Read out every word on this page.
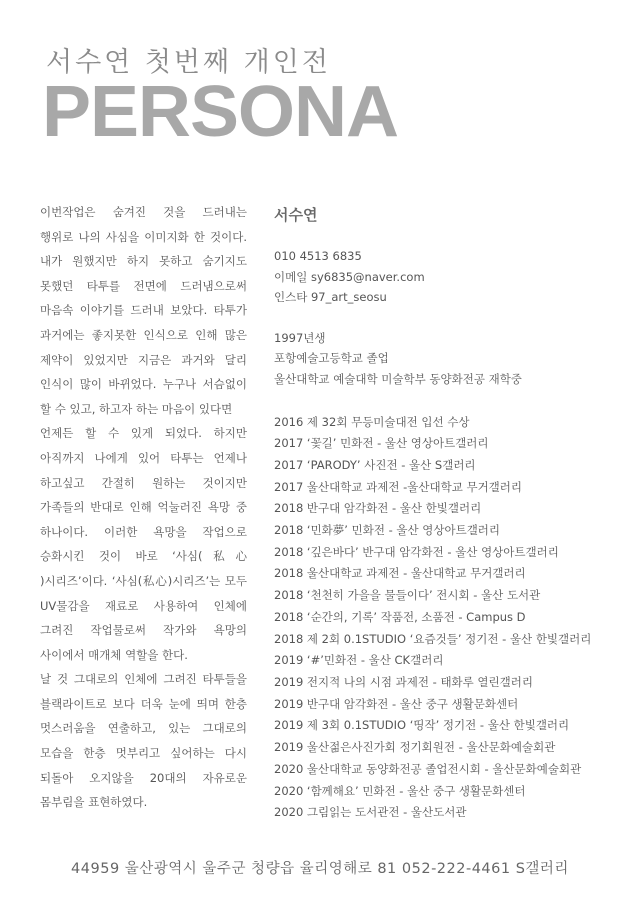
서수연 첫번째 개인전
PERSONA
이번작업은 숨겨진 것을 드러내는
행위로 나의 사심을 이미지화 한 것이다.
내가 원했지만 하지 못하고 숨기지도
못했던 타투를 전면에 드러냄으로써
마음속 이야기를 드러내 보았다. 타투가
과거에는 좋지못한 인식으로 인해 많은
제약이 있었지만 지금은 과거와 달리
인식이 많이 바뀌었다. 누구나 서슴없이
할 수 있고, 하고자 하는 마음이 있다면
언제든 할 수 있게 되었다. 하지만
아직까지 나에게 있어 타투는 언제나
하고싶고 간절히 원하는 것이지만
가족들의 반대로 인해 억눌러진 욕망 중
하나이다. 이러한 욕망을 작업으로
승화시킨 것이 바로 ‘사심(私心
)시리즈’이다. ‘사심(私心)시리즈’는 모두
UV물감을 재료로 사용하여 인체에
그려진 작업물로써 작가와 욕망의
사이에서 매개체 역할을 한다.
날 것 그대로의 인체에 그려진 타투들을
블랙라이트로 보다 더욱 눈에 띄며 한층
멋스러움을 연출하고, 있는 그대로의
모습을 한층 멋부리고 싶어하는 다시
되돌아 오지않을 20대의 자유로운
몸부림을 표현하였다.
서수연
010 4513 6835
이메일 sy6835@naver.com
인스타 97_art_seosu
1997년생
포항예술고등학교 졸업
울산대학교 예술대학 미술학부 동양화전공 재학중
2016 제 32회 무등미술대전 입선 수상
2017 ‘꽃길’ 민화전 - 울산 영상아트갤러리
2017 ‘PARODY’ 사진전 - 울산 S갤러리
2017 울산대학교 과제전 -울산대학교 무거갤러리
2018 반구대 암각화전 - 울산 한빛갤러리
2018 ‘민화夢’ 민화전 - 울산 영상아트갤러리
2018 ‘깊은바다’ 반구대 암각화전 - 울산 영상아트갤러리
2018 울산대학교 과제전 - 울산대학교 무거갤러리
2018 ‘천천히 가을을 물들이다’ 전시회 - 울산 도서관
2018 ‘순간의, 기록’ 작품전, 소품전 - Campus D
2018 제 2회 0.1STUDIO ‘요즘것들’ 정기전 - 울산 한빛갤러리
2019 ‘#’민화전 - 울산 CK갤러리
2019 전지적 나의 시점 과제전 - 태화루 열린갤러리
2019 반구대 암각화전 - 울산 중구 생활문화센터
2019 제 3회 0.1STUDIO ‘띵작’ 정기전 - 울산 한빛갤러리
2019 울산젊은사진가회 정기회원전 - 울산문화예술회관
2020 울산대학교 동양화전공 졸업전시회 - 울산문화예술회관
2020 ‘함께해요’ 민화전 - 울산 중구 생활문화센터
2020 그림읽는 도서관전 - 울산도서관
44959 울산광역시 울주군 청량읍 율리영해로 81 052-222-4461 S갤러리
